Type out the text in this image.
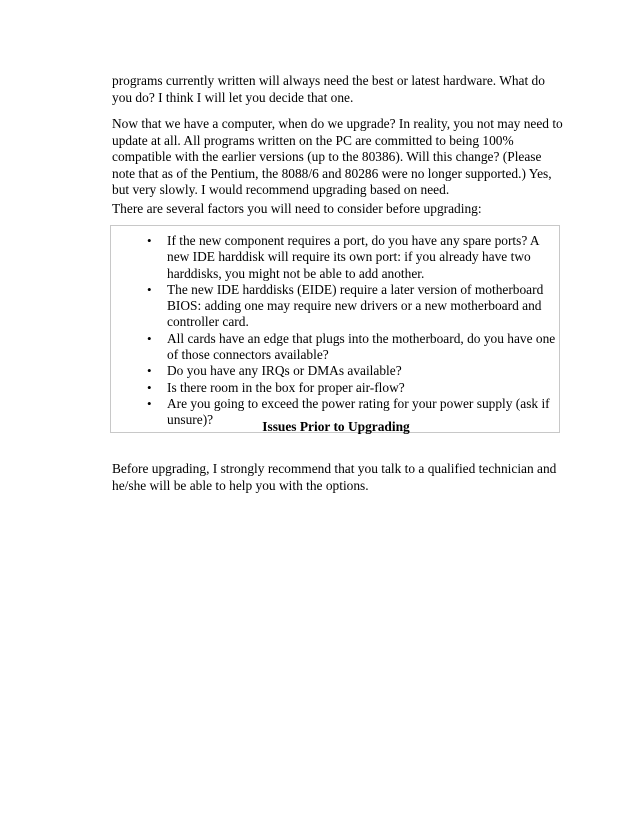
programs currently written will always need the best or latest hardware. What do you do? I think I will let you decide that one.

Now that we have a computer, when do we upgrade? In reality, you not may need to update at all. All programs written on the PC are committed to being 100% compatible with the earlier versions (up to the 80386). Will this change? (Please note that as of the Pentium, the 8088/6 and 80286 were no longer supported.) Yes, but very slowly. I would recommend upgrading based on need.

There are several factors you will need to consider before upgrading:

• If the new component requires a port, do you have any spare ports? A new IDE harddisk will require its own port: if you already have two harddisks, you might not be able to add another.
• The new IDE harddisks (EIDE) require a later version of motherboard BIOS: adding one may require new drivers or a new motherboard and controller card.
• All cards have an edge that plugs into the motherboard, do you have one of those connectors available?
• Do you have any IRQs or DMAs available?
• Is there room in the box for proper air-flow?
• Are you going to exceed the power rating for your power supply (ask if unsure)?	Issues Prior to Upgrading

Before upgrading, I strongly recommend that you talk to a qualified technician and he/she will be able to help you with the options.
